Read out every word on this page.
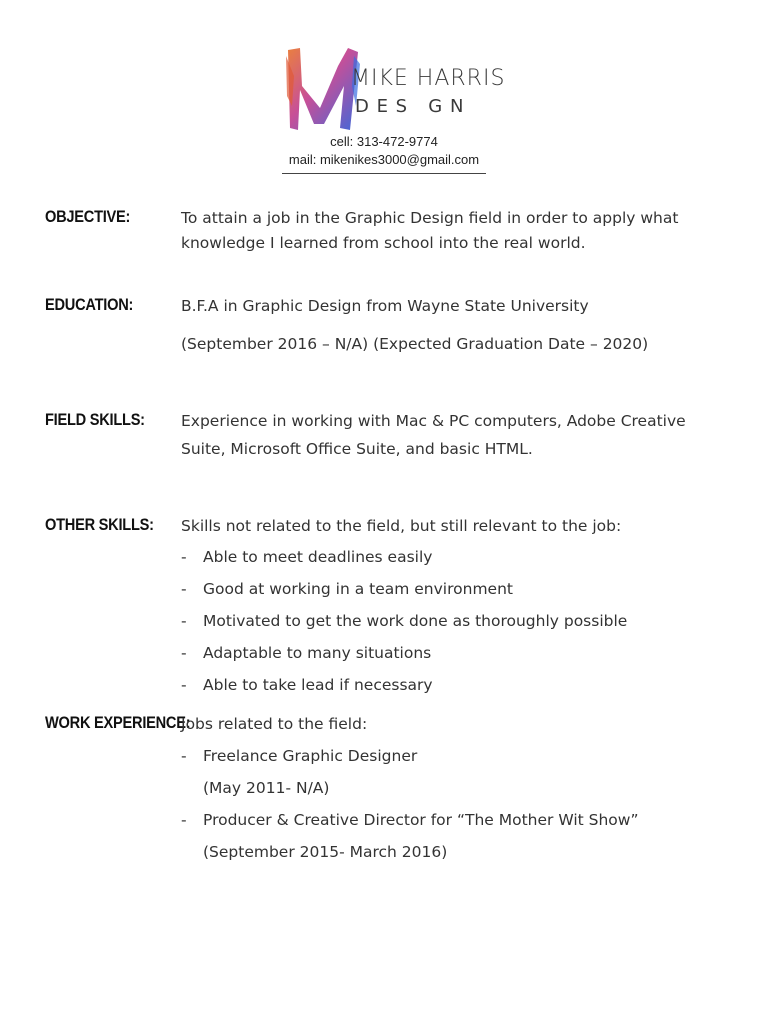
MIKE HARRIS
D E S   G N
cell: 313-472-9774
mail: mikenikes3000@gmail.com
OBJECTIVE:	To attain a job in the Graphic Design field in order to apply what
knowledge I learned from school into the real world.
EDUCATION:	B.F.A in Graphic Design from Wayne State University
(September 2016 – N/A) (Expected Graduation Date – 2020)
FIELD SKILLS: Experience in working with Mac & PC computers, Adobe Creative
Suite, Microsoft Office Suite, and basic HTML.
OTHER SKILLS: Skills not related to the field, but still relevant to the job:
- Able to meet deadlines easily
- Good at working in a team environment
- Motivated to get the work done as thoroughly possible
- Adaptable to many situations
- Able to take lead if necessary
WORK EXPERIENCE:
Jobs related to the field:
- Freelance Graphic Designer
(May 2011- N/A)
- Producer & Creative Director for “The Mother Wit Show”
(September 2015- March 2016)
